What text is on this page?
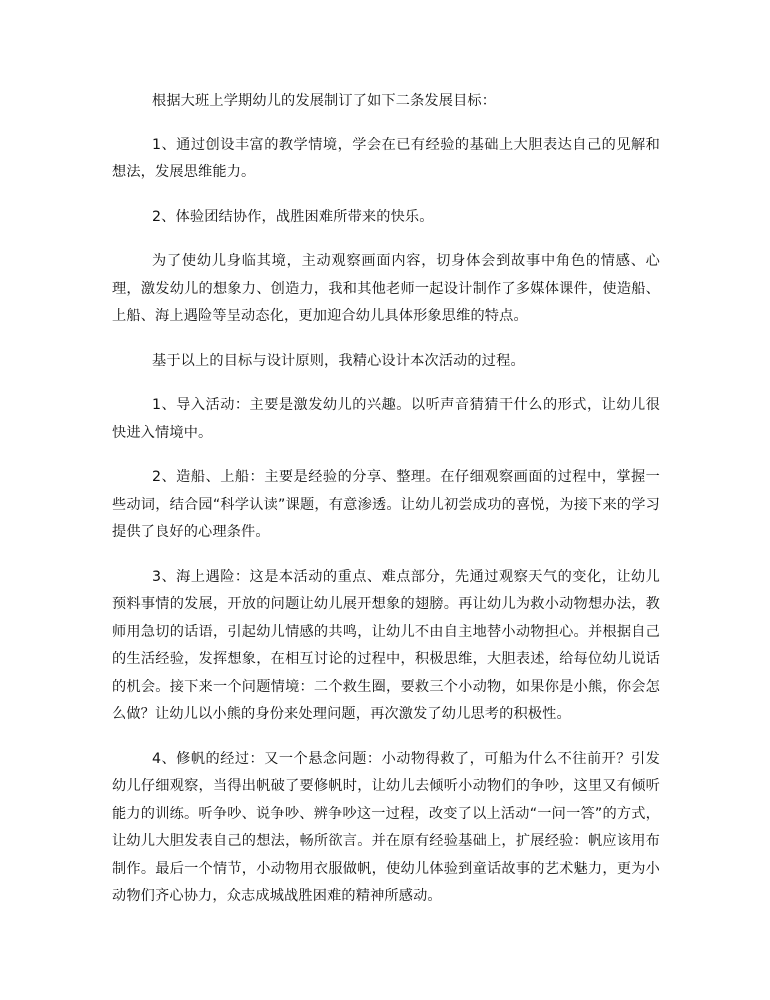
根据大班上学期幼儿的发展制订了如下二条发展目标：

1、通过创设丰富的教学情境，学会在已有经验的基础上大胆表达自己的见解和想法，发展思维能力。

2、体验团结协作，战胜困难所带来的快乐。

为了使幼儿身临其境，主动观察画面内容，切身体会到故事中角色的情感、心理，激发幼儿的想象力、创造力，我和其他老师一起设计制作了多媒体课件，使造船、上船、海上遇险等呈动态化，更加迎合幼儿具体形象思维的特点。

基于以上的目标与设计原则，我精心设计本次活动的过程。

1、导入活动：主要是激发幼儿的兴趣。以听声音猜猜干什么的形式，让幼儿很快进入情境中。

2、造船、上船：主要是经验的分享、整理。在仔细观察画面的过程中，掌握一些动词，结合园“科学认读”课题，有意渗透。让幼儿初尝成功的喜悦，为接下来的学习提供了良好的心理条件。

3、海上遇险：这是本活动的重点、难点部分，先通过观察天气的变化，让幼儿预料事情的发展，开放的问题让幼儿展开想象的翅膀。再让幼儿为救小动物想办法，教师用急切的话语，引起幼儿情感的共鸣，让幼儿不由自主地替小动物担心。并根据自己的生活经验，发挥想象，在相互讨论的过程中，积极思维，大胆表述，给每位幼儿说话的机会。接下来一个问题情境：二个救生圈，要救三个小动物，如果你是小熊，你会怎么做？让幼儿以小熊的身份来处理问题，再次激发了幼儿思考的积极性。

4、修帆的经过：又一个悬念问题：小动物得救了，可船为什么不往前开？引发幼儿仔细观察，当得出帆破了要修帆时，让幼儿去倾听小动物们的争吵，这里又有倾听能力的训练。听争吵、说争吵、辨争吵这一过程，改变了以上活动“一问一答”的方式，让幼儿大胆发表自己的想法，畅所欲言。并在原有经验基础上，扩展经验：帆应该用布制作。最后一个情节，小动物用衣服做帆，使幼儿体验到童话故事的艺术魅力，更为小动物们齐心协力，众志成城战胜困难的精神所感动。
